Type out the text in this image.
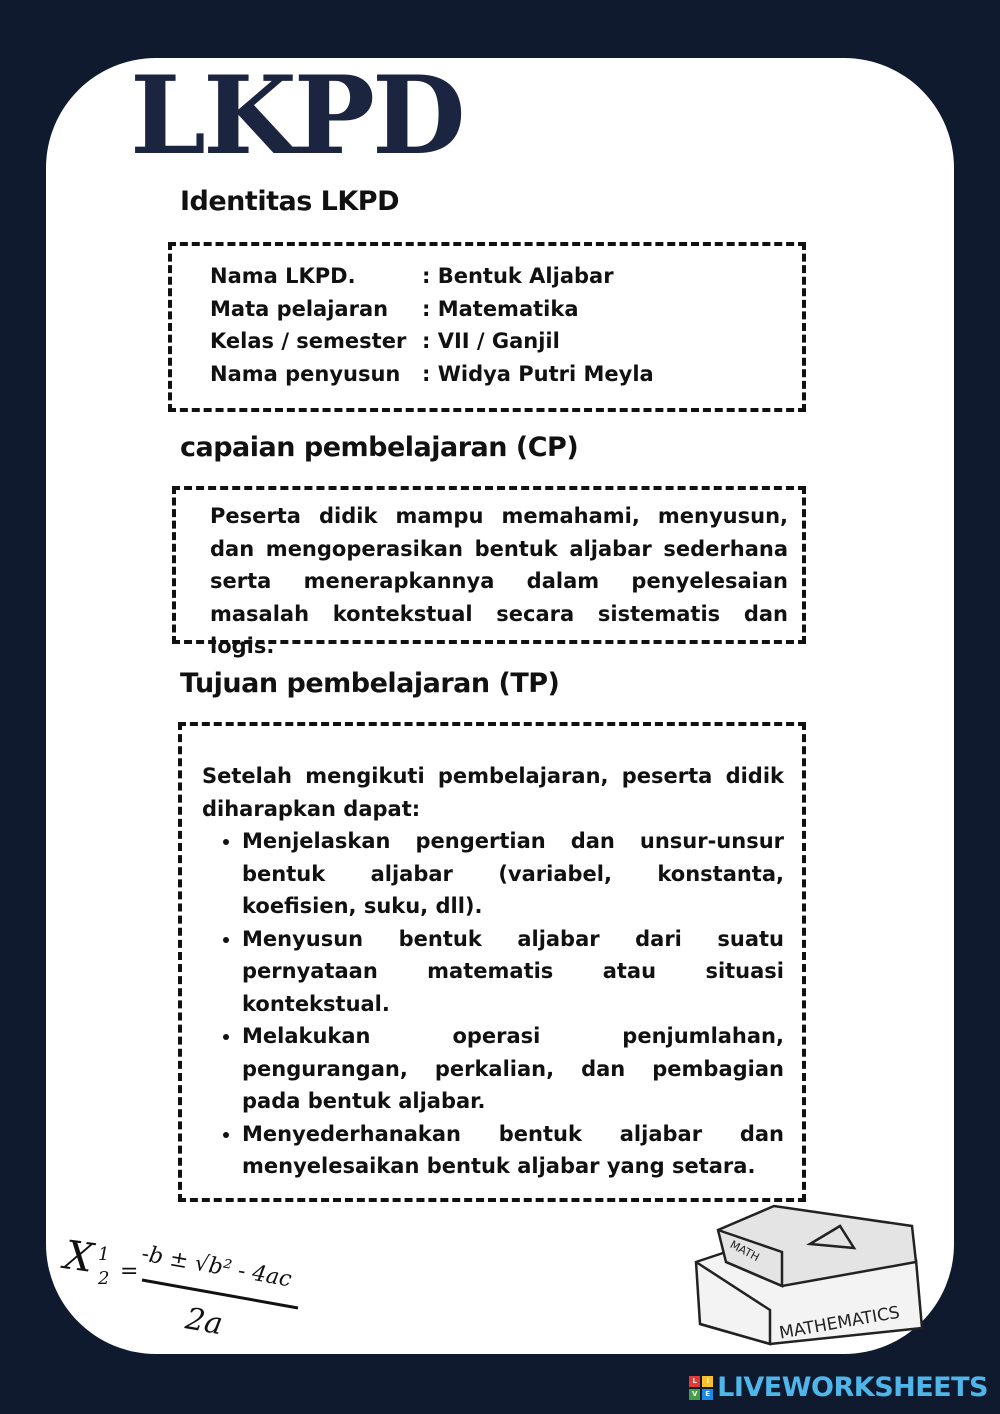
LKPD
Identitas LKPD
Nama LKPD.	: Bentuk Aljabar
Mata pelajaran	: Matematika
Kelas / semester : VII / Ganjil
Nama penyusun	: Widya Putri Meyla
capaian pembelajaran (CP)

Peserta didik mampu memahami, menyusun, dan mengoperasikan bentuk aljabar sederhana serta menerapkannya dalam penyelesaian masalah kontekstual secara sistematis dan logis.

Tujuan pembelajaran (TP)

Setelah mengikuti pembelajaran, peserta didik diharapkan dapat:

• Menjelaskan pengertian dan unsur-unsur bentuk aljabar (variabel, konstanta, koefisien, suku, dll).
• Menyusun bentuk aljabar dari suatu pernyataan matematis atau situasi kontekstual.
• Melakukan operasi penjumlahan, pengurangan, perkalian, dan pembagian pada bentuk aljabar.
• Menyederhanakan bentuk aljabar dan menyelesaikan bentuk aljabar yang setara.
X 1
2 = -b ± √b² - 4ac
2a
MATH
MATHEMATICS
L	I
V	E LIVEWORKSHEETS
